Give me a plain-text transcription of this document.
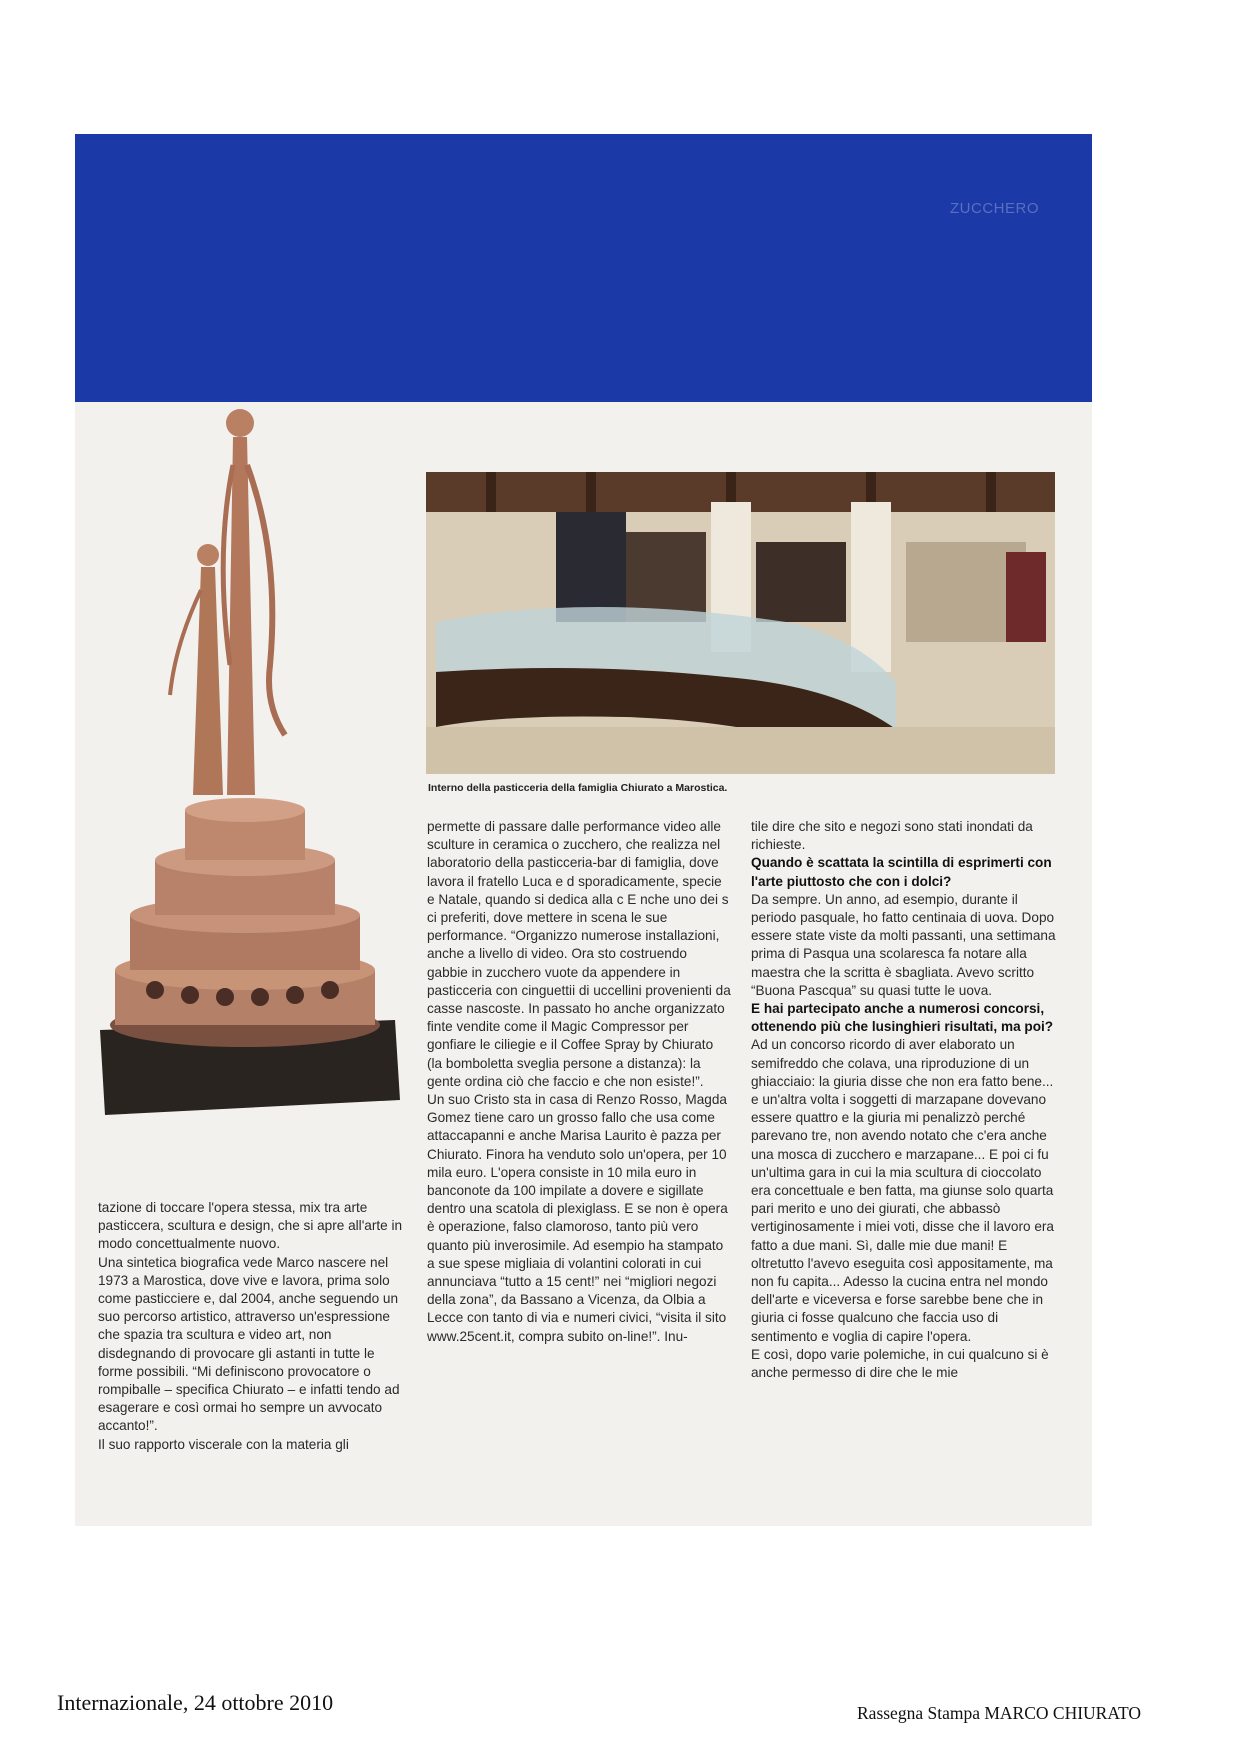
ZUCCHERO
Interno della pasticceria della famiglia Chiurato a Marostica.

tazione di toccare l'opera stessa, mix tra arte pasticcera, scultura e design, che si apre all'arte in modo concettualmente nuovo.

Una sintetica biografica vede Marco nascere nel 1973 a Marostica, dove vive e lavora, prima solo come pasticciere e, dal 2004, anche seguendo un suo percorso artistico, attraverso un'espressione che spazia tra scultura e video art, non disdegnando di provocare gli astanti in tutte le forme possibili. “Mi definiscono provocatore o rompiballe – specifica Chiurato – e infatti tendo ad esagerare e così ormai ho sempre un avvocato accanto!”.

Il suo rapporto viscerale con la materia gli

permette di passare dalle performance video alle sculture in ceramica o zucchero, che realizza nel laboratorio della pasticceria-bar di famiglia, dove lavora il fratello Luca e d sporadicamente, specie e Natale, quando si dedica alla c E nche uno dei s ci preferiti, dove mettere in scena le sue performance. “Organizzo numerose installazioni, anche a livello di video. Ora sto costruendo gabbie in zucchero vuote da appendere in pasticceria con cinguettii di uccellini provenienti da casse nascoste. In passato ho anche organizzato finte vendite come il Magic Compressor per gonfiare le ciliegie e il Coffee Spray by Chiurato (la bomboletta sveglia persone a distanza): la gente ordina ciò che faccio e che non esiste!”.

Un suo Cristo sta in casa di Renzo Rosso, Magda Gomez tiene caro un grosso fallo che usa come attaccapanni e anche Marisa Laurito è pazza per Chiurato. Finora ha venduto solo un'opera, per 10 mila euro. L'opera consiste in 10 mila euro in banconote da 100 impilate a dovere e sigillate dentro una scatola di plexiglass. E se non è opera è operazione, falso clamoroso, tanto più vero quanto più inverosimile. Ad esempio ha stampato a sue spese migliaia di volantini colorati in cui annunciava “tutto a 15 cent!” nei “migliori negozi della zona”, da Bassano a Vicenza, da Olbia a Lecce con tanto di via e numeri civici, “visita il sito www.25cent.it, compra subito on-line!”. Inu-

tile dire che sito e negozi sono stati inondati da richieste.

Quando è scattata la scintilla di esprimerti con l'arte piuttosto che con i dolci?

Da sempre. Un anno, ad esempio, durante il periodo pasquale, ho fatto centinaia di uova. Dopo essere state viste da molti passanti, una settimana prima di Pasqua una scolaresca fa notare alla maestra che la scritta è sbagliata. Avevo scritto “Buona Pascqua” su quasi tutte le uova.

E hai partecipato anche a numerosi concorsi, ottenendo più che lusinghieri risultati, ma poi?

Ad un concorso ricordo di aver elaborato un semifreddo che colava, una riproduzione di un ghiacciaio: la giuria disse che non era fatto bene... e un'altra volta i soggetti di marzapane dovevano essere quattro e la giuria mi penalizzò perché parevano tre, non avendo notato che c'era anche una mosca di zucchero e marzapane... E poi ci fu un'ultima gara in cui la mia scultura di cioccolato era concettuale e ben fatta, ma giunse solo quarta pari merito e uno dei giurati, che abbassò vertiginosamente i miei voti, disse che il lavoro era fatto a due mani. Sì, dalle mie due mani! E oltretutto l'avevo eseguita così appositamente, ma non fu capita... Adesso la cucina entra nel mondo dell'arte e viceversa e forse sarebbe bene che in giuria ci fosse qualcuno che faccia uso di sentimento e voglia di capire l'opera.

E così, dopo varie polemiche, in cui qualcuno si è anche permesso di dire che le mie

Internazionale, 24 ottobre 2010	Rassegna Stampa MARCO CHIURATO
